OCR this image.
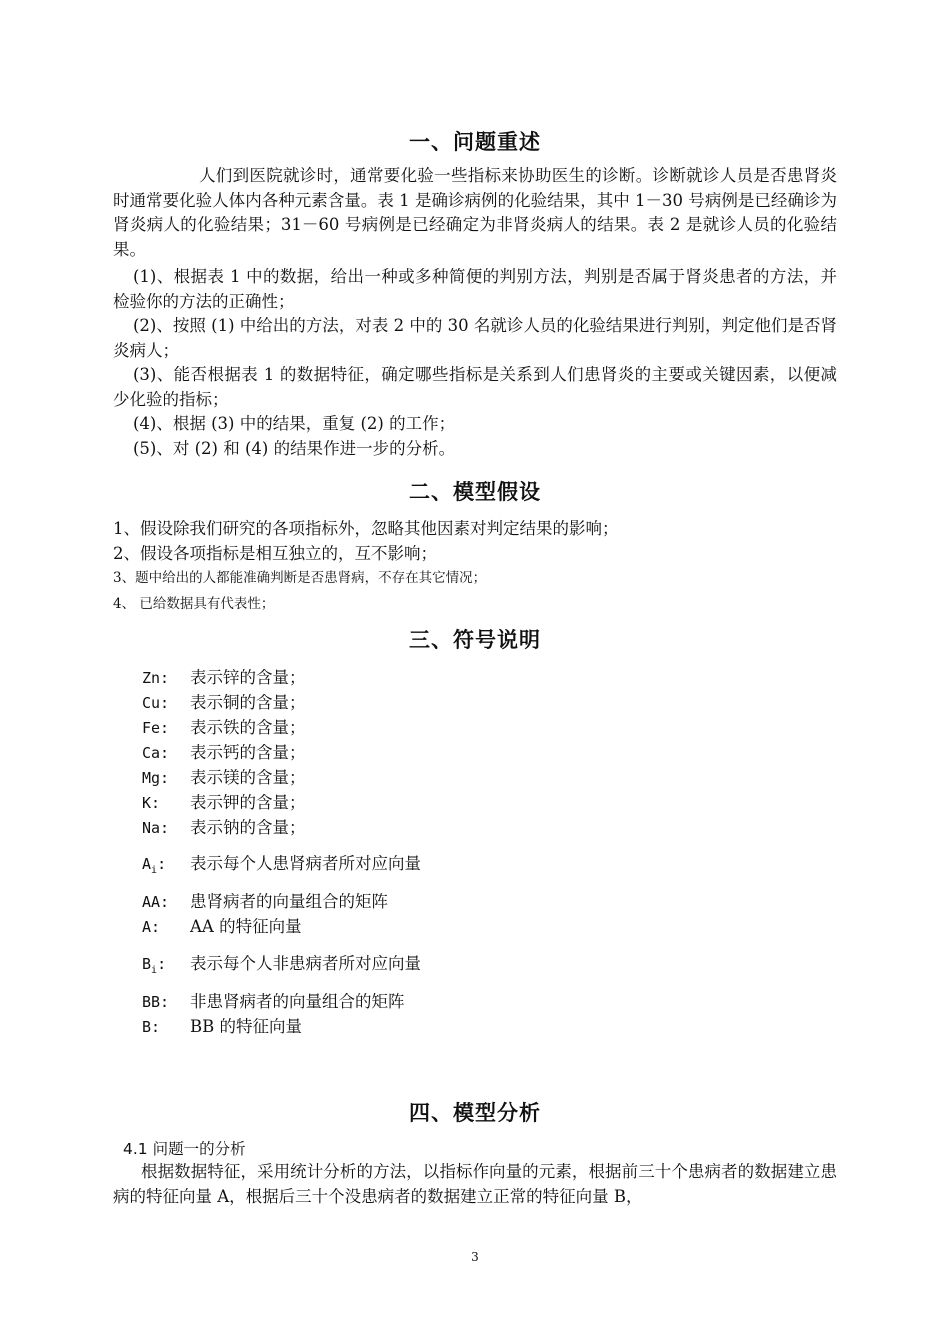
一、问题重述
人们到医院就诊时，通常要化验一些指标来协助医生的诊断。诊断就诊人员是否患肾炎时通常要化验人体内各种元素含量。表 1 是确诊病例的化验结果，其中 1－30 号病例是已经确诊为肾炎病人的化验结果；31－60 号病例是已经确定为非肾炎病人的结果。表 2 是就诊人员的化验结果。
(1)、根据表 1 中的数据，给出一种或多种简便的判别方法，判别是否属于肾炎患者的方法，并检验你的方法的正确性；
(2)、按照 (1) 中给出的方法，对表 2 中的 30 名就诊人员的化验结果进行判别，判定他们是否肾炎病人；
(3)、能否根据表 1 的数据特征，确定哪些指标是关系到人们患肾炎的主要或关键因素，以便减少化验的指标；
(4)、根据 (3) 中的结果，重复 (2) 的工作；
(5)、对 (2) 和 (4) 的结果作进一步的分析。
二、模型假设
1、假设除我们研究的各项指标外，忽略其他因素对判定结果的影响；
2、假设各项指标是相互独立的，互不影响；
3、题中给出的人都能准确判断是否患肾病，不存在其它情况；
4、 已给数据具有代表性；
三、符号说明
Zn: 表示锌的含量；
Cu: 表示铜的含量；
Fe: 表示铁的含量；
Ca: 表示钙的含量；
Mg: 表示镁的含量；
K: 表示钾的含量；
Na: 表示钠的含量；
$A_i$: 表示每个人患肾病者所对应向量
AA: 患肾病者的向量组合的矩阵
A: AA 的特征向量
$B_i$: 表示每个人非患病者所对应向量
BB: 非患肾病者的向量组合的矩阵
B: BB 的特征向量
四、模型分析
4.1 问题一的分析
根据数据特征，采用统计分析的方法，以指标作向量的元素，根据前三十个患病者的数据建立患病的特征向量 A，根据后三十个没患病者的数据建立正常的特征向量 B，
3
